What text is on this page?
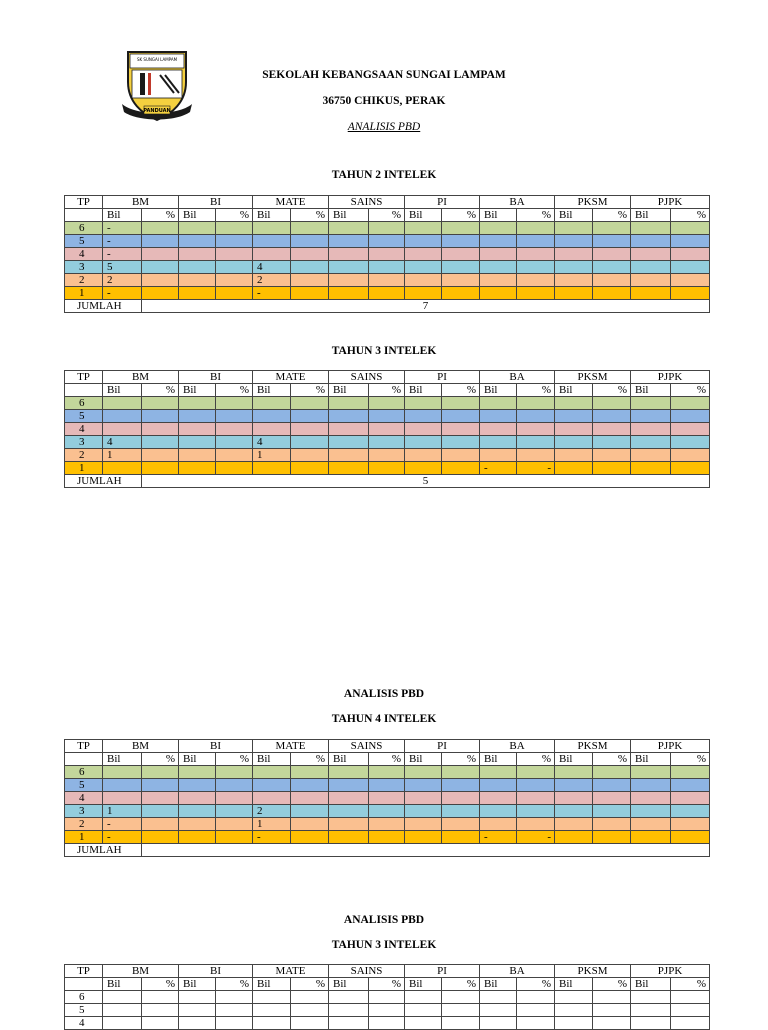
SK SUNGAI LAMPAM
PANDUAN
SEKOLAH KEBANGSAAN SUNGAI LAMPAM
36750 CHIKUS, PERAK
ANALISIS PBD
TAHUN 2 INTELEK
TP	BM		BI		MATE		SAINS		PI		BA		PKSM		PJPK	
	Bil	%	Bil	%	Bil	%	Bil	%	Bil	%	Bil	%	Bil	%	Bil	%
6	-															
5	-															
4	-															
3	5				4											
2	2				2											
1	-				-											
JUMLAH		7														
TAHUN 3 INTELEK
TP	BM		BI		MATE		SAINS		PI		BA		PKSM		PJPK	
	Bil	%	Bil	%	Bil	%	Bil	%	Bil	%	Bil	%	Bil	%	Bil	%
6																
5																
4																
3	4				4											
2	1				1											
1											-	-				
JUMLAH		5														
ANALISIS PBD
TAHUN 4 INTELEK
TP	BM		BI		MATE		SAINS		PI		BA		PKSM		PJPK	
	Bil	%	Bil	%	Bil	%	Bil	%	Bil	%	Bil	%	Bil	%	Bil	%
6																
5																
4																
3	1				2											
2	-				1											
1	-				-						-	-				
JUMLAH																
ANALISIS PBD
TAHUN 3 INTELEK
TP	BM		BI		MATE		SAINS		PI		BA		PKSM		PJPK	
	Bil	%	Bil	%	Bil	%	Bil	%	Bil	%	Bil	%	Bil	%	Bil	%
6																
5																
4																
